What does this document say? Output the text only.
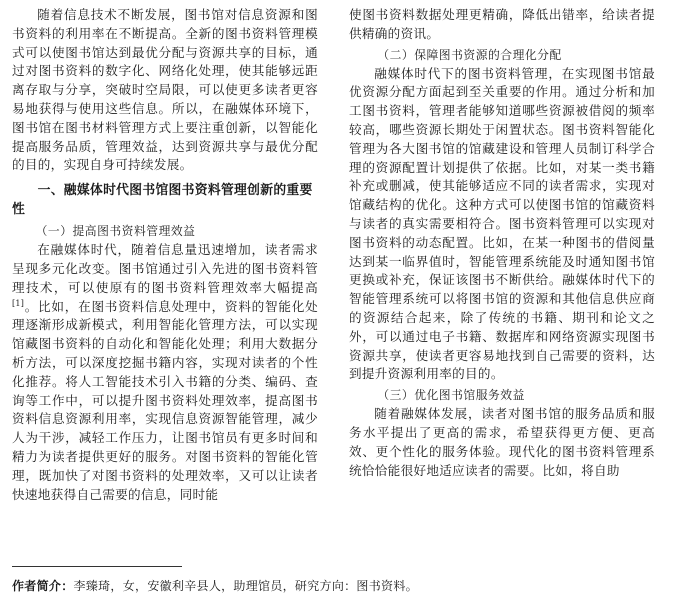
随着信息技术不断发展，图书馆对信息资源和图书资料的利用率在不断提高。全新的图书资料管理模式可以使图书馆达到最优分配与资源共享的目标，通过对图书资料的数字化、网络化处理，使其能够远距离存取与分享，突破时空局限，可以使更多读者更容易地获得与使用这些信息。所以，在融媒体环境下，图书馆在图书材料管理方式上要注重创新，以智能化提高服务品质，管理效益，达到资源共享与最优分配的目的，实现自身可持续发展。

一、融媒体时代图书馆图书资料管理创新的重要性
（一）提高图书资料管理效益

在融媒体时代，随着信息量迅速增加，读者需求呈现多元化改变。图书馆通过引入先进的图书资料管理技术，可以使原有的图书资料管理效率大幅提高[1]。比如，在图书资料信息处理中，资料的智能化处理逐渐形成新模式，利用智能化管理方法，可以实现馆藏图书资料的自动化和智能化处理；利用大数据分析方法，可以深度挖掘书籍内容，实现对读者的个性化推荐。将人工智能技术引入书籍的分类、编码、查询等工作中，可以提升图书资料处理效率，提高图书资料信息资源利用率，实现信息资源智能管理，减少人为干涉，减轻工作压力，让图书馆员有更多时间和精力为读者提供更好的服务。对图书资料的智能化管理，既加快了对图书资料的处理效率，又可以让读者快速地获得自己需要的信息，同时能

使图书资料数据处理更精确，降低出错率，给读者提供精确的资讯。

（二）保障图书资源的合理化分配

融媒体时代下的图书资料管理，在实现图书馆最优资源分配方面起到至关重要的作用。通过分析和加工图书资料，管理者能够知道哪些资源被借阅的频率较高，哪些资源长期处于闲置状态。图书资料智能化管理为各大图书馆的馆藏建设和管理人员制订科学合理的资源配置计划提供了依据。比如，对某一类书籍补充或删减，使其能够适应不同的读者需求，实现对馆藏结构的优化。这种方式可以使图书馆的馆藏资料与读者的真实需要相符合。图书资料管理可以实现对图书资料的动态配置。比如，在某一种图书的借阅量达到某一临界值时，智能管理系统能及时通知图书馆更换或补充，保证该图书不断供给。融媒体时代下的智能管理系统可以将图书馆的资源和其他信息供应商的资源结合起来，除了传统的书籍、期刊和论文之外，可以通过电子书籍、数据库和网络资源实现图书资源共享，使读者更容易地找到自己需要的资料，达到提升资源利用率的目的。

（三）优化图书馆服务效益

随着融媒体发展，读者对图书馆的服务品质和服务水平提出了更高的需求，希望获得更方便、更高效、更个性化的服务体验。现代化的图书资料管理系统恰恰能很好地适应读者的需要。比如，将自助

作者简介：李臻琦，女，安徽利辛县人，助理馆员，研究方向：图书资料。
